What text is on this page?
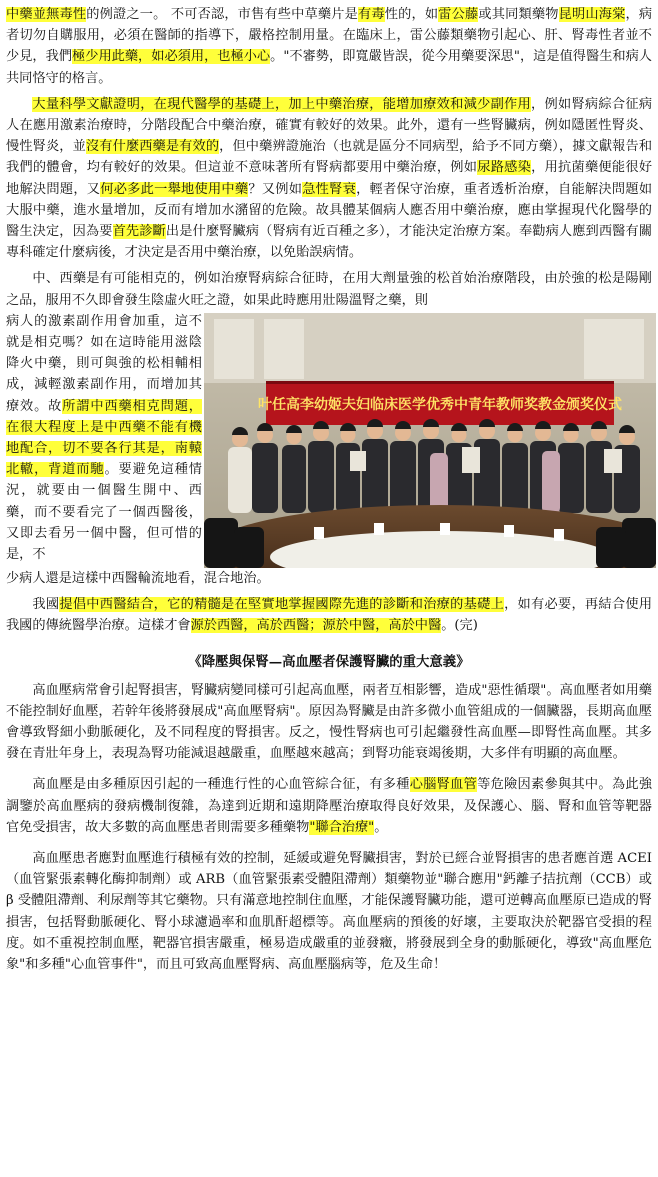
中藥並無毒性的例證之一。 不可否認，市售有些中草藥片是有毒性的，如雷公藤或其同類藥物昆明山海棠，病者切勿自購服用，必須在醫師的指導下，嚴格控制用量。在臨床上，雷公藤類藥物引起心、肝、腎毒性者並不少見，我們極少用此藥，如必須用，也極小心。"不審勢，即寬嚴皆誤，從今用藥要深思"，這是值得醫生和病人共同恪守的格言。

大量科學文獻證明，在現代醫學的基礎上，加上中藥治療，能增加療效和減少副作用，例如腎病綜合征病人在應用激素治療時，分階段配合中藥治療，確實有較好的效果。此外，還有一些腎臟病，例如隱匿性腎炎、慢性腎炎，並沒有什麼西藥是有效的，但中藥辨證施治（也就是區分不同病型，給予不同方藥），據文獻報告和我們的體會，均有較好的效果。但這並不意味著所有腎病都要用中藥治療，例如尿路感染，用抗菌藥便能很好地解決問題，又何必多此一舉地使用中藥？又例如急性腎衰，輕者保守治療，重者透析治療，自能解決問題如大服中藥，進水量增加，反而有增加水瀦留的危險。故具體某個病人應否用中藥治療，應由掌握現代化醫學的醫生決定，因為要首先診斷出是什麼腎臟病（腎病有近百種之多），才能決定治療方案。奉勸病人應到西醫有關專科確定什麼病後，才決定是否用中藥治療，以免貽誤病情。

中、西藥是有可能相克的，例如治療腎病綜合征時，在用大劑量強的松首始治療階段，由於強的松是陽剛之品，服用不久即會發生陰虛火旺之證，如果此時應用壯陽溫腎之藥，則

病人的激素副作用會加重，這不就是相克嗎？如在這時能用滋陰降火中藥，則可與強的松相輔相成，減輕激素副作用，而增加其療效。故所謂中西藥相克問題，在很大程度上是中西藥不能有機地配合，切不要各行其是，南轅北轍，背道而馳。要避免這種情況，就要由一個醫生開中、西藥，而不要看完了一個西醫後，又即去看另一個中醫，但可惜的是，不

叶任高李幼姬夫妇临床医学优秀中青年教师奖教金颁奖仪式

少病人還是這樣中西醫輪流地看，混合地治。

我國提倡中西醫結合，它的精髓是在堅實地掌握國際先進的診斷和治療的基礎上，如有必要，再結合使用我國的傳統醫學治療。這樣才會源於西醫，高於西醫；源於中醫，高於中醫。(完)

《降壓與保腎—高血壓者保護腎臟的重大意義》

高血壓病常會引起腎損害，腎臟病變同樣可引起高血壓，兩者互相影響，造成"惡性循環"。高血壓者如用藥不能控制好血壓，若幹年後將發展成"高血壓腎病"。原因為腎臟是由許多微小血管組成的一個臟器，長期高血壓會導致腎細小動脈硬化，及不同程度的腎損害。反之，慢性腎病也可引起繼發性高血壓—即腎性高血壓。其多發在青壯年身上，表現為腎功能減退越嚴重，血壓越來越高；到腎功能衰竭後期，大多伴有明顯的高血壓。

高血壓是由多種原因引起的一種進行性的心血管綜合征，有多種心腦腎血管等危險因素參與其中。為此強調鑒於高血壓病的發病機制復雜，為達到近期和遠期降壓治療取得良好效果，及保護心、腦、腎和血管等靶器官免受損害，故大多數的高血壓患者則需要多種藥物"聯合治療"。

高血壓患者應對血壓進行積極有效的控制，延緩或避免腎臟損害，對於已經合並腎損害的患者應首選 ACEI（血管緊張素轉化酶抑制劑）或 ARB（血管緊張素受體阻滯劑）類藥物並"聯合應用"鈣離子拮抗劑（CCB）或 β 受體阻滯劑、利尿劑等其它藥物。只有滿意地控制住血壓，才能保護腎臟功能，還可逆轉高血壓原已造成的腎損害，包括腎動脈硬化、腎小球濾過率和血肌酐超標等。高血壓病的預後的好壞，主要取決於靶器官受損的程度。如不重視控制血壓，靶器官損害嚴重，極易造成嚴重的並發癥，將發展到全身的動脈硬化，導致"高血壓危象"和多種"心血管事件"，而且可致高血壓腎病、高血壓腦病等，危及生命！
